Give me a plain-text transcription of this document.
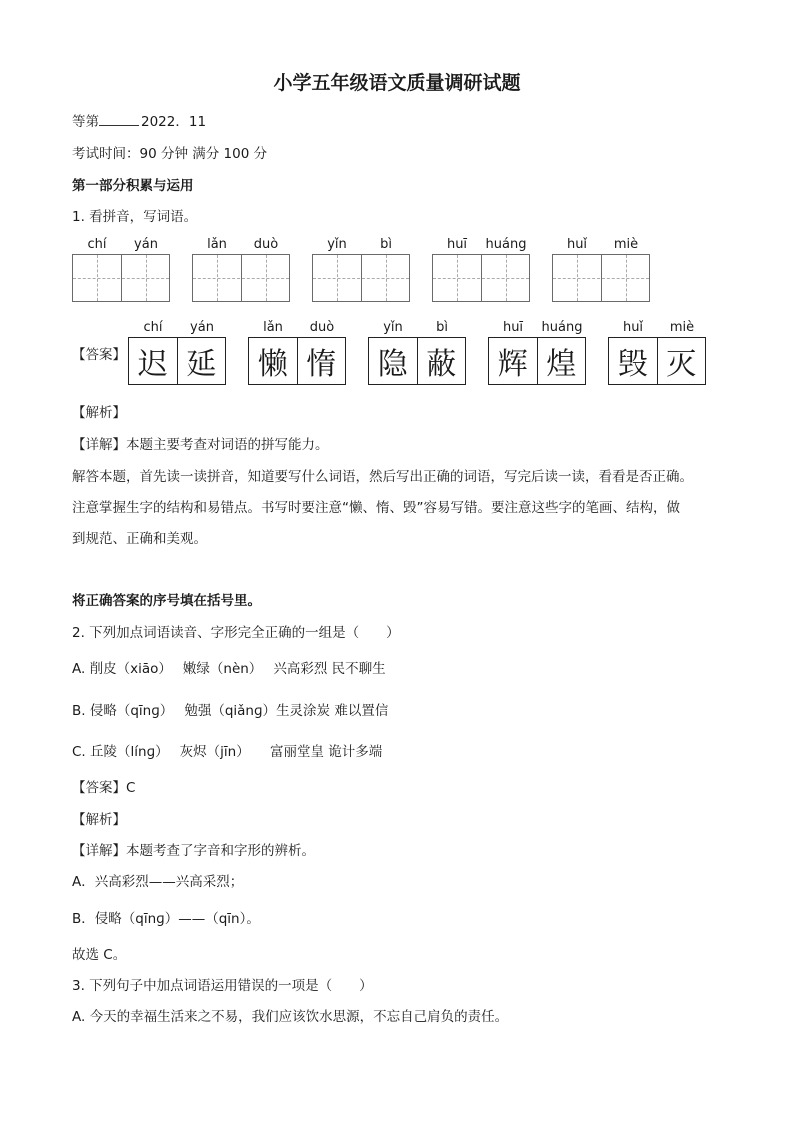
小学五年级语文质量调研试题
等第	2022．11
考试时间：90 分钟 满分 100 分
第一部分积累与运用
1. 看拼音，写词语。
chí	yán	lǎn	duò	yǐn	bì	huī	huáng	huǐ	miè
chí	yán	lǎn	duò	yǐn	bì	huī	huáng	huǐ	miè
【答案】 迟 延 懒 惰 隐 蔽 辉 煌 毁 灭
【解析】
【详解】本题主要考查对词语的拼写能力。
解答本题，首先读一读拼音，知道要写什么词语，然后写出正确的词语，写完后读一读，看看是否正确。
注意掌握生字的结构和易错点。书写时要注意“懒、惰、毁”容易写错。要注意这些字的笔画、结构，做
到规范、正确和美观。
将正确答案的序号填在括号里。
2. 下列加点词语读音、字形完全正确的一组是（　　）
A. 削皮（xiāo）　 嫩绿（nèn）　 兴高彩烈 民不聊生
B. 侵略（qīnɡ）　 勉强（qiǎnɡ）生灵涂炭 难以置信
C. 丘陵（línɡ）　 灰烬（jīn）　　富丽堂皇 诡计多端
【答案】C
【解析】
【详解】本题考查了字音和字形的辨析。
A．兴高彩烈——兴高采烈；
B．侵略（qīnɡ）——（qīn）。
故选 C。
3. 下列句子中加点词语运用错误的一项是（　　）
A. 今天的幸福生活来之不易，我们应该饮水思源，不忘自己肩负的责任。
